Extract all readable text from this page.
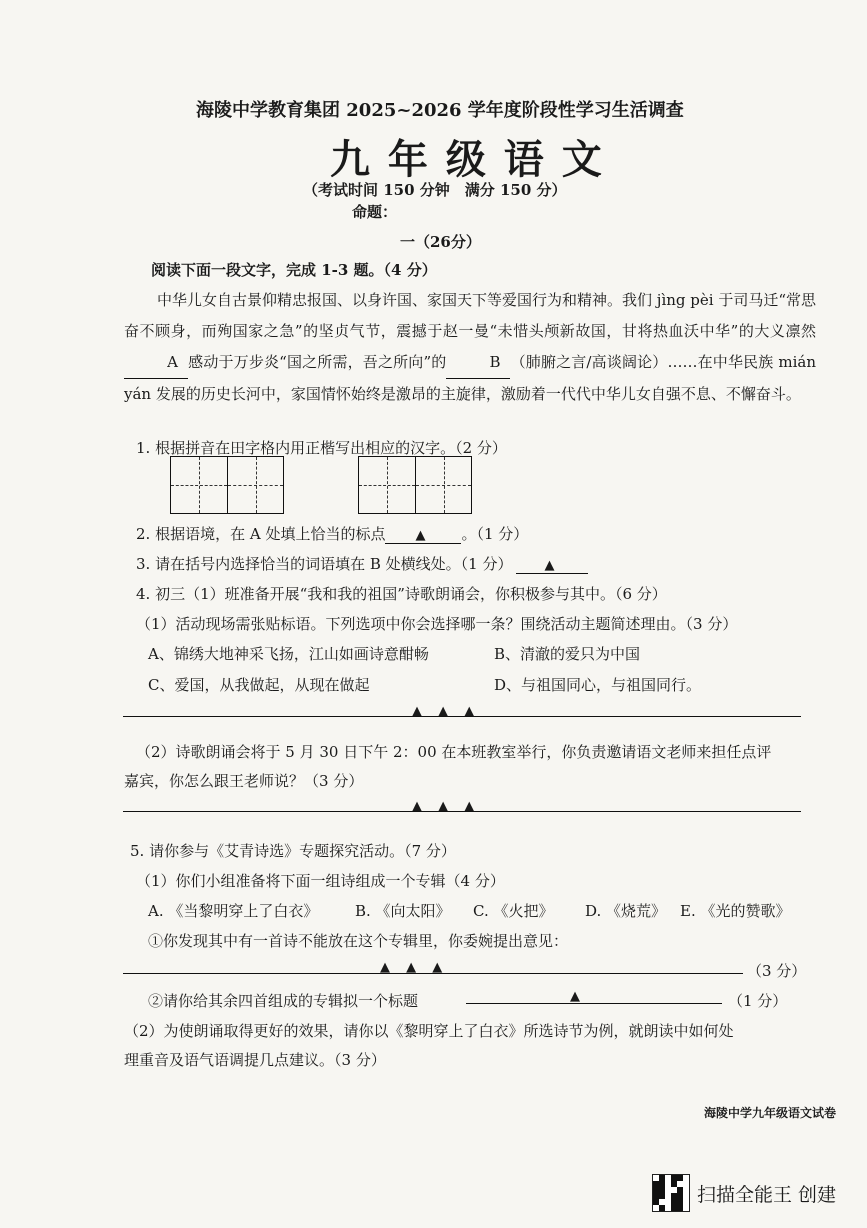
海陵中学教育集团 2025~2026 学年度阶段性学习生活调查
九 年 级 语 文
（考试时间 150 分钟　满分 150 分）
命题：
一（26分）
阅读下面一段文字，完成 1-3 题。（4 分）
中华儿女自古景仰精忠报国、以身许国、家国天下等爱国行为和精神。我们 jìng pèi 于司马迁“常思奋不顾身，而殉国家之急”的坚贞气节，震撼于赵一曼“未惜头颅新故国，甘将热血沃中华”的大义凛然A 感动于万步炎“国之所需，吾之所向”的	B （肺腑之言/高谈阔论）……在中华民族 mián yán 发展的历史长河中，家国情怀始终是激昂的主旋律，激励着一代代中华儿女自强不息、不懈奋斗。
1. 根据拼音在田字格内用正楷写出相应的汉字。（2 分）
2. 根据语境，在 A 处填上恰当的标点 ▲ 。（1 分）
3. 请在括号内选择恰当的词语填在 B 处横线处。（1 分） ▲
4. 初三（1）班准备开展“我和我的祖国”诗歌朗诵会，你积极参与其中。（6 分）
（1）活动现场需张贴标语。下列选项中你会选择哪一条？围绕活动主题简述理由。（3 分）
A、锦绣大地神采飞扬，江山如画诗意酣畅	B、清澈的爱只为中国
C、爱国，从我做起，从现在做起	D、与祖国同心，与祖国同行。
▲ ▲ ▲
（2）诗歌朗诵会将于 5 月 30 日下午 2：00 在本班教室举行，你负责邀请语文老师来担任点评
嘉宾，你怎么跟王老师说？（3 分）
▲ ▲ ▲
5. 请你参与《艾青诗选》专题探究活动。（7 分）
（1）你们小组准备将下面一组诗组成一个专辑（4 分）
A. 《当黎明穿上了白衣》 B. 《向太阳》 C. 《火把》 D. 《烧荒》 E. 《光的赞歌》
①你发现其中有一首诗不能放在这个专辑里，你委婉提出意见：
▲ ▲ ▲	（3 分）
②请你给其余四首组成的专辑拟一个标题	▲	（1 分）
（2）为使朗诵取得更好的效果，请你以《黎明穿上了白衣》所选诗节为例，就朗读中如何处
理重音及语气语调提几点建议。（3 分）
海陵中学九年级语文试卷
扫描全能王 创建
